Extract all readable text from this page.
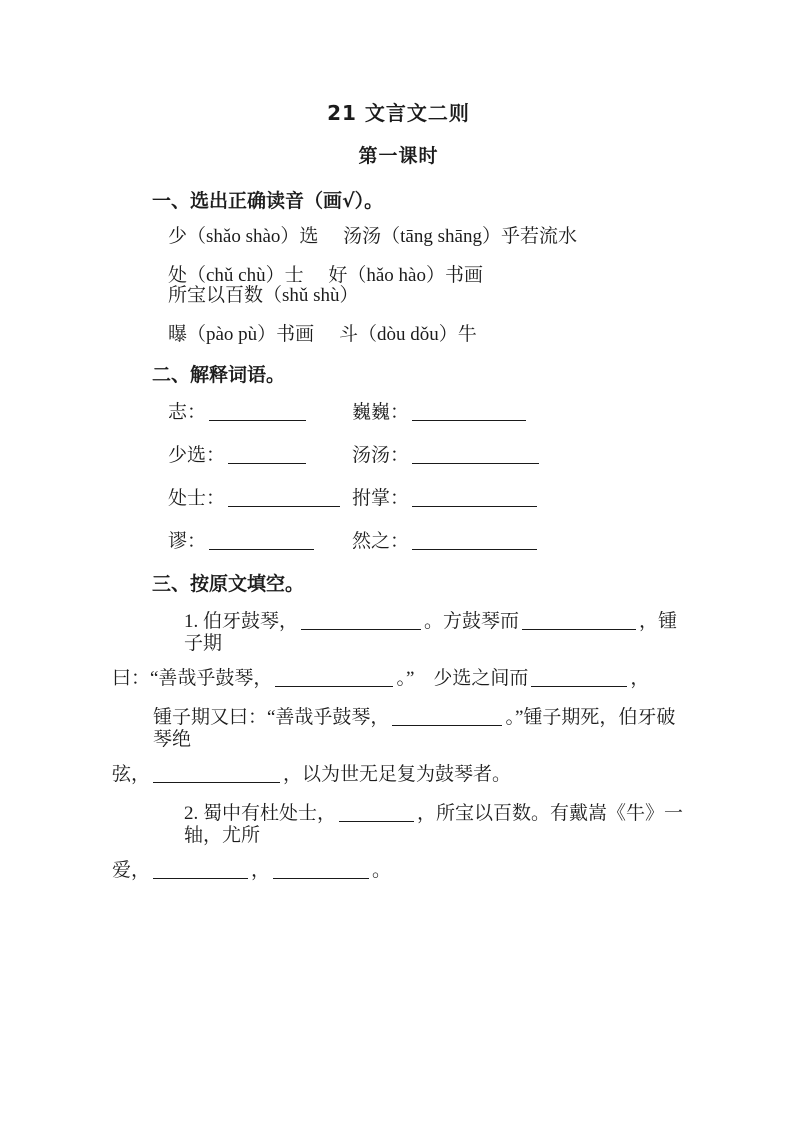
21 文言文二则
第一课时
一、选出正确读音（画√）。
少（shǎo shào）选 汤汤（tāng shāng）乎若流水
处（chǔ chù）士 好（hǎo hào）书画 所宝以百数（shǔ shù）
曝（pào pù）书画 斗（dòu dǒu）牛
二、解释词语。
志：	巍巍：
少选：	汤汤：
处士：	拊掌：
谬：	然之：
三、按原文填空。

1. 伯牙鼓琴，	。方鼓琴而	，锺子期
曰：“善哉乎鼓琴，	。”　少选之间而	，

锺子期又曰：“善哉乎鼓琴，	。”锺子期死，伯牙破琴绝
弦，	，以为世无足复为鼓琴者。

2. 蜀中有杜处士，	，所宝以百数。有戴嵩《牛》一轴，尤所
爱，	，	。
